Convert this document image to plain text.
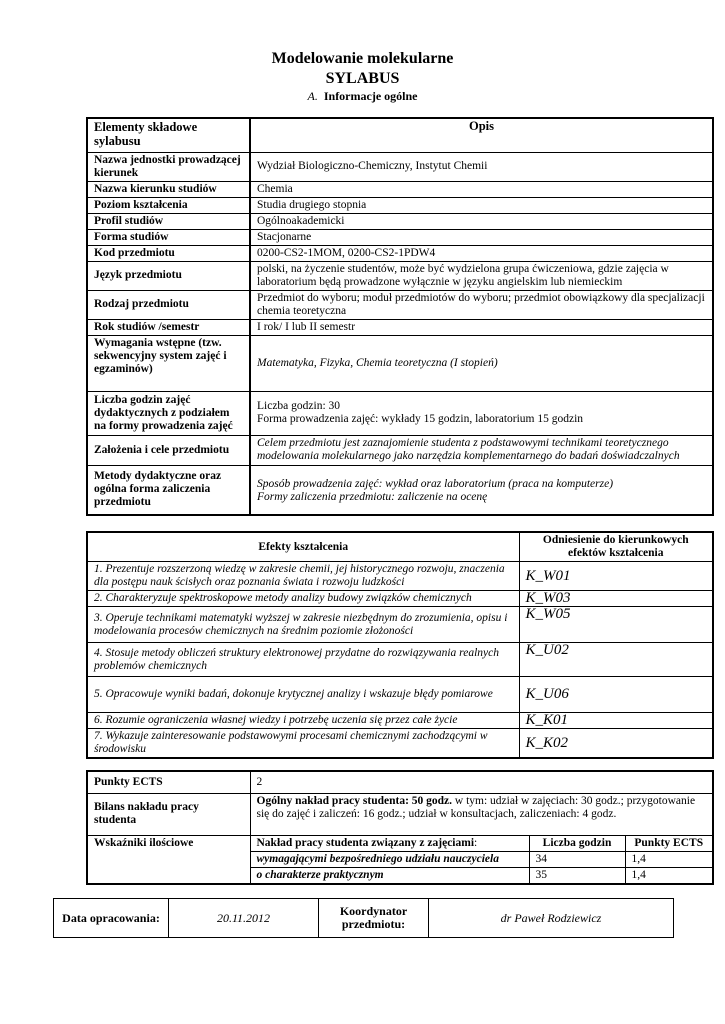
Modelowanie molekularne
SYLABUS
A. Informacje ogólne
Elementy składowe sylabusu	Opis
Nazwa jednostki prowadzącej kierunek	Wydział Biologiczno-Chemiczny, Instytut Chemii
Nazwa kierunku studiów	Chemia
Poziom kształcenia	Studia drugiego stopnia
Profil studiów	Ogólnoakademicki
Forma studiów	Stacjonarne
Kod przedmiotu	0200-CS2-1MOM, 0200-CS2-1PDW4
Język przedmiotu	polski, na życzenie studentów, może być wydzielona grupa ćwiczeniowa, gdzie zajęcia w laboratorium będą prowadzone wyłącznie w języku angielskim lub niemieckim
Rodzaj przedmiotu	Przedmiot do wyboru; moduł przedmiotów do wyboru; przedmiot obowiązkowy dla specjalizacji chemia teoretyczna
Rok studiów /semestr	I rok/ I lub II semestr
Wymagania wstępne (tzw. sekwencyjny system zajęć i egzaminów)	Matematyka, Fizyka, Chemia teoretyczna (I stopień)
Liczba godzin zajęć dydaktycznych z podziałem na formy prowadzenia zajęć	Liczba godzin: 30
Forma prowadzenia zajęć: wykłady 15 godzin, laboratorium 15 godzin

Założenia i cele przedmiotu	Celem przedmiotu jest zaznajomienie studenta z podstawowymi technikami teoretycznego modelowania molekularnego jako narzędzia komplementarnego do badań doświadczalnych
Metody dydaktyczne oraz ogólna forma zaliczenia przedmiotu	Sposób prowadzenia zajęć: wykład oraz laboratorium (praca na komputerze)
Formy zaliczenia przedmiotu: zaliczenie na ocenę
Efekty kształcenia	Odniesienie do kierunkowych efektów kształcenia
1. Prezentuje rozszerzoną wiedzę w zakresie chemii, jej historycznego rozwoju, znaczenia dla postępu nauk ścisłych oraz poznania świata i rozwoju ludzkości	K_W01
2. Charakteryzuje spektroskopowe metody analizy budowy związków chemicznych	K_W03
3. Operuje technikami matematyki wyższej w zakresie niezbędnym do zrozumienia, opisu i modelowania procesów chemicznych na średnim poziomie złożoności	K_W05
4. Stosuje metody obliczeń struktury elektronowej przydatne do rozwiązywania realnych problemów chemicznych	K_U02
5. Opracowuje wyniki badań, dokonuje krytycznej analizy i wskazuje błędy pomiarowe	K_U06
6. Rozumie ograniczenia własnej wiedzy i potrzebę uczenia się przez całe życie	K_K01
7. Wykazuje zainteresowanie podstawowymi procesami chemicznymi zachodzącymi w środowisku	K_K02
Punkty ECTS	2		
Bilans nakładu pracy studenta	Ogólny nakład pracy studenta: 50 godz. w tym: udział w zajęciach: 30 godz.; przygotowanie się do zajęć i zaliczeń: 16 godz.; udział w konsultacjach, zaliczeniach: 4 godz.		
Wskaźniki ilościowe	Nakład pracy studenta związany z zajęciami:	Liczba godzin	Punkty ECTS
	wymagającymi bezpośredniego udziału nauczyciela	34	1,4
	o charakterze praktycznym	35	1,4
Data opracowania:	20.11.2012	Koordynator przedmiotu:	dr Paweł Rodziewicz
